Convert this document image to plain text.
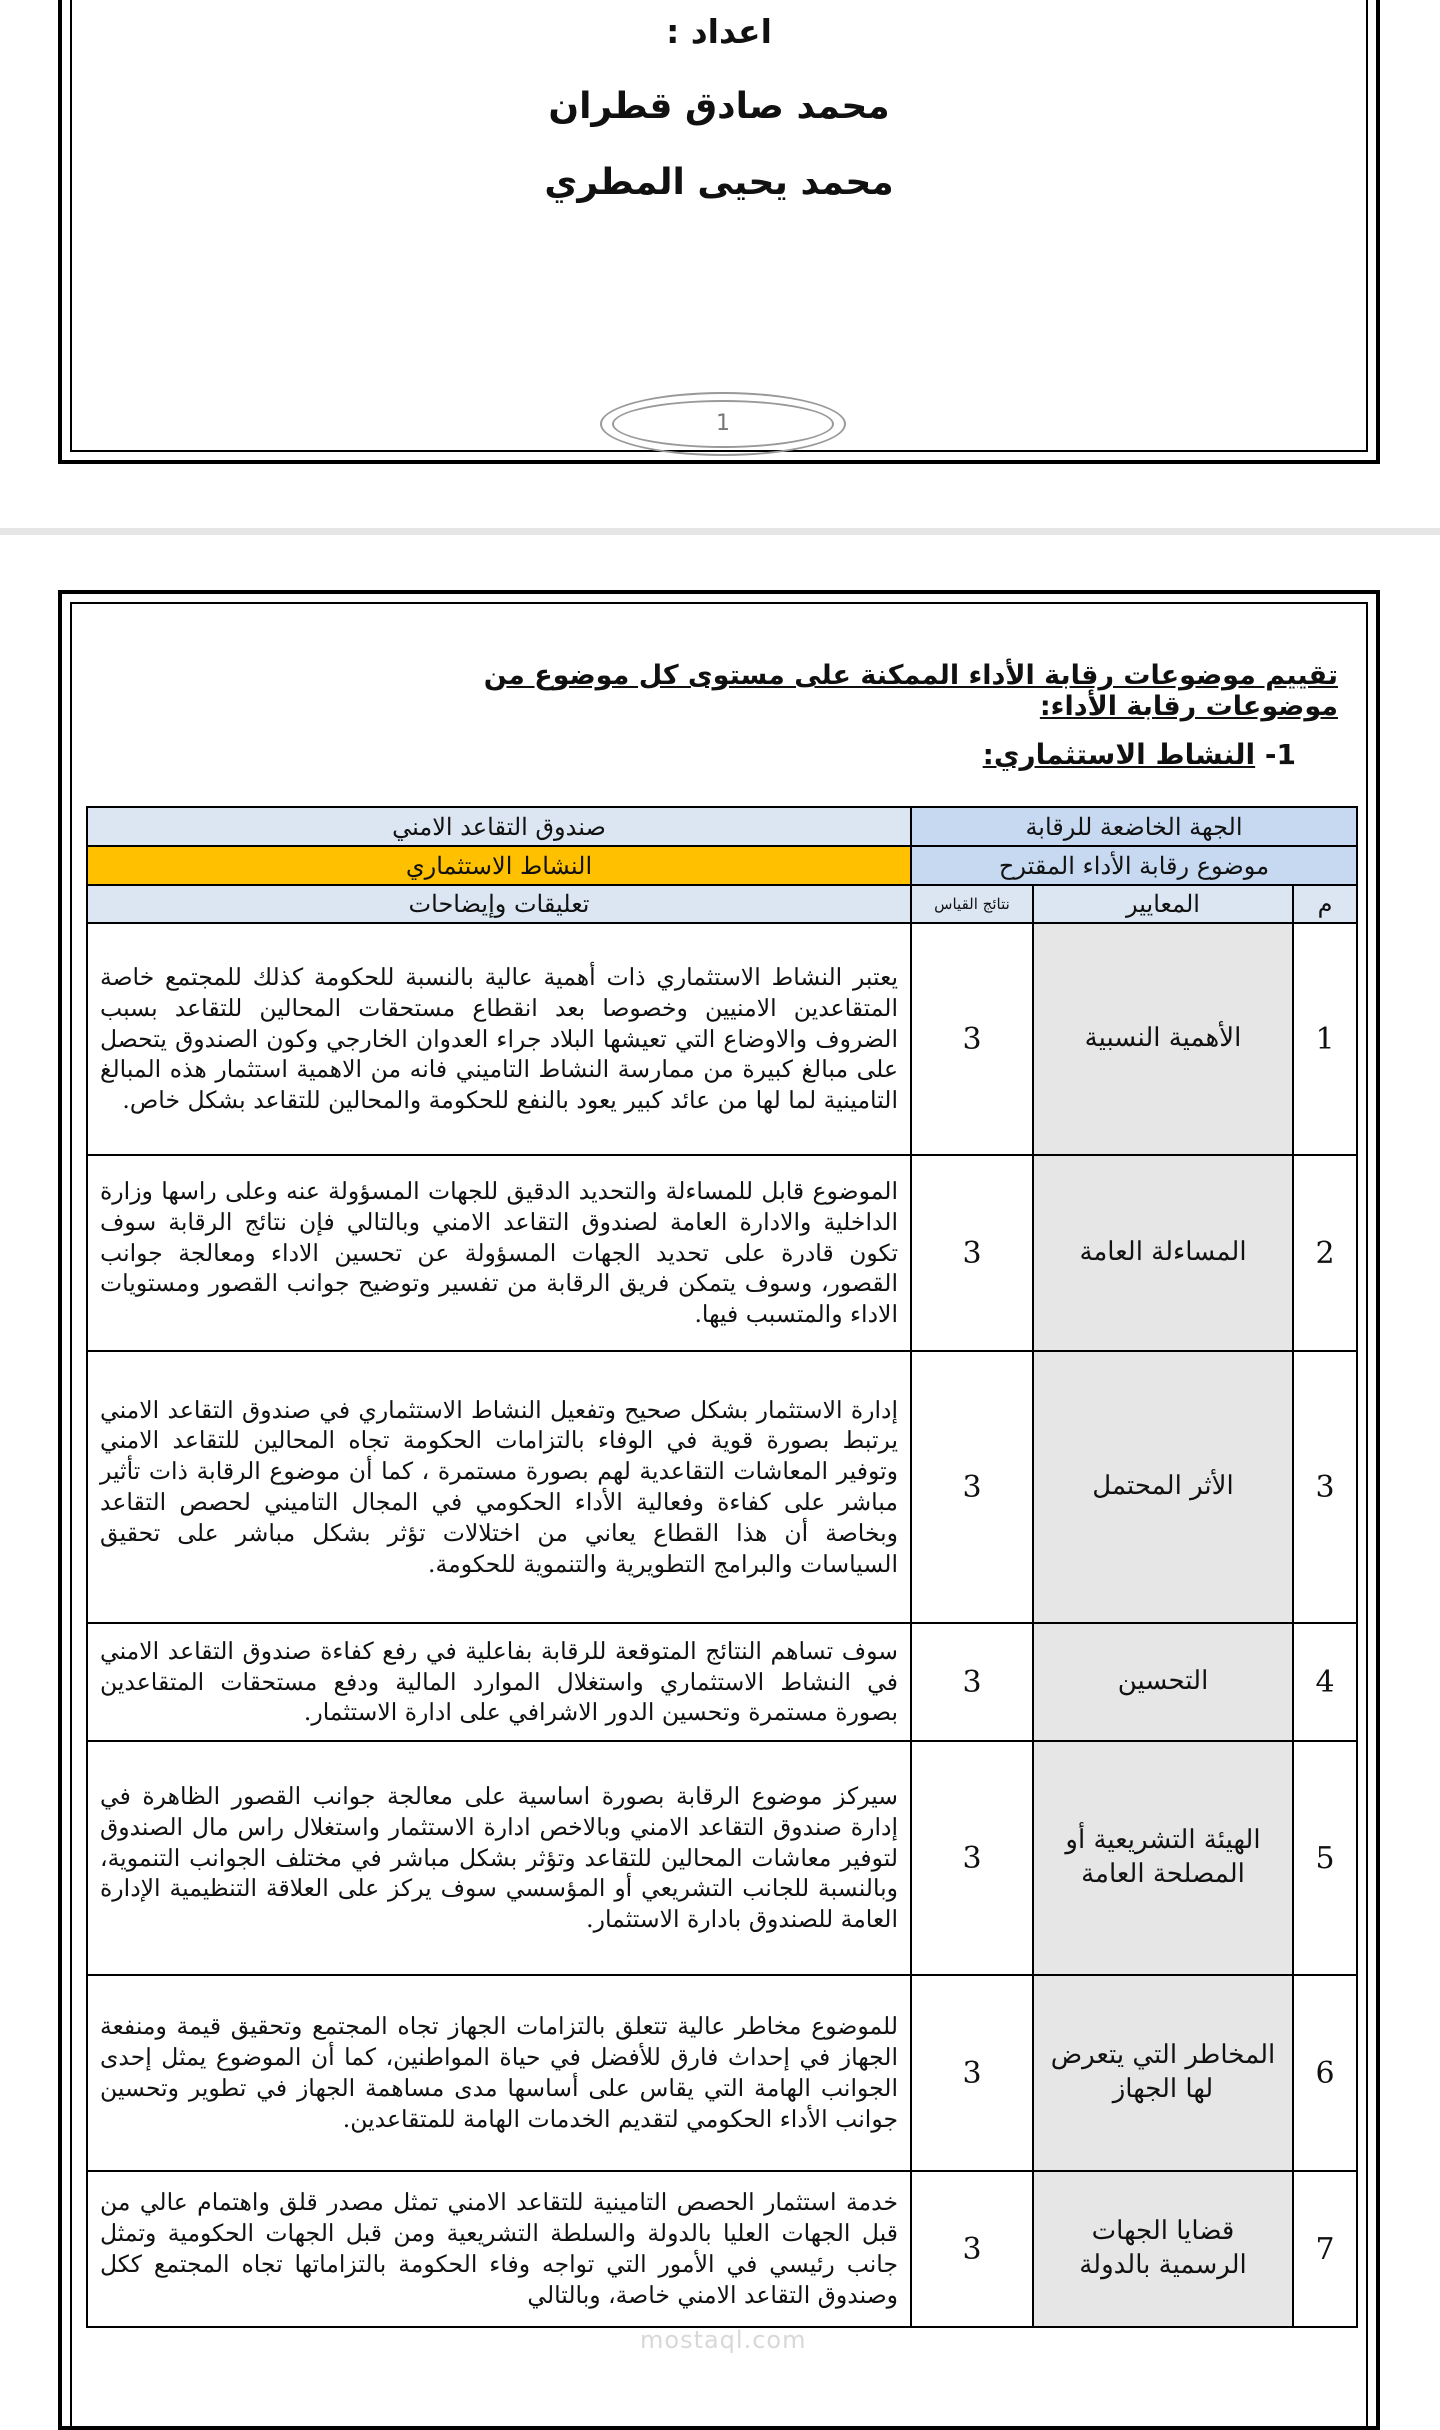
اعداد :
محمد صادق قطران
محمد يحيى المطري
1
تقييم موضوعات رقابة الأداء الممكنة على مستوى كل موضوع من موضوعات رقابة الأداء:
1- النشاط الاستثماري:
الجهة الخاضعة للرقابة			صندوق التقاعد الامني
موضوع رقابة الأداء المقترح			النشاط الاستثماري
م	المعايير	نتائج القياس	تعليقات وإيضاحات
1	الأهمية النسبية	3	يعتبر النشاط الاستثماري ذات أهمية عالية بالنسبة للحكومة كذلك للمجتمع خاصة المتقاعدين الامنيين وخصوصا بعد انقطاع مستحقات المحالين للتقاعد بسبب الضروف والاوضاع التي تعيشها البلاد جراء العدوان الخارجي وكون الصندوق يتحصل على مبالغ كبيرة من ممارسة النشاط التاميني فانه من الاهمية استثمار هذه المبالغ التامينية لما لها من عائد كبير يعود بالنفع للحكومة والمحالين للتقاعد بشكل خاص.
2	المساءلة العامة	3	الموضوع قابل للمساءلة والتحديد الدقيق للجهات المسؤولة عنه وعلى راسها وزارة الداخلية والادارة العامة لصندوق التقاعد الامني وبالتالي فإن نتائج الرقابة سوف تكون قادرة على تحديد الجهات المسؤولة عن تحسين الاداء ومعالجة جوانب القصور، وسوف يتمكن فريق الرقابة من تفسير وتوضيح جوانب القصور ومستويات الاداء والمتسبب فيها.
3	الأثر المحتمل	3	إدارة الاستثمار بشكل صحيح وتفعيل النشاط الاستثماري في صندوق التقاعد الامني يرتبط بصورة قوية في الوفاء بالتزامات الحكومة تجاه المحالين للتقاعد الامني وتوفير المعاشات التقاعدية لهم بصورة مستمرة ، كما أن موضوع الرقابة ذات تأثير مباشر على كفاءة وفعالية الأداء الحكومي في المجال التاميني لحصص التقاعد وبخاصة أن هذا القطاع يعاني من اختلالات تؤثر بشكل مباشر على تحقيق السياسات والبرامج التطويرية والتنموية للحكومة.
4	التحسين	3	سوف تساهم النتائج المتوقعة للرقابة بفاعلية في رفع كفاءة صندوق التقاعد الامني في النشاط الاستثماري واستغلال الموارد المالية ودفع مستحقات المتقاعدين بصورة مستمرة وتحسين الدور الاشرافي على ادارة الاستثمار.
5	الهيئة التشريعية أو المصلحة العامة	3	سيركز موضوع الرقابة بصورة اساسية على معالجة جوانب القصور الظاهرة في إدارة صندوق التقاعد الامني وبالاخص ادارة الاستثمار واستغلال راس مال الصندوق لتوفير معاشات المحالين للتقاعد وتؤثر بشكل مباشر في مختلف الجوانب التنموية، وبالنسبة للجانب التشريعي أو المؤسسي سوف يركز على العلاقة التنظيمية الإدارة العامة للصندوق بادارة الاستثمار.
6	المخاطر التي يتعرض لها الجهاز	3	للموضوع مخاطر عالية تتعلق بالتزامات الجهاز تجاه المجتمع وتحقيق قيمة ومنفعة الجهاز في إحداث فارق للأفضل في حياة المواطنين، كما أن الموضوع يمثل إحدى الجوانب الهامة التي يقاس على أساسها مدى مساهمة الجهاز في تطوير وتحسين جوانب الأداء الحكومي لتقديم الخدمات الهامة للمتقاعدين.
7	قضايا الجهات الرسمية بالدولة	3	خدمة استثمار الحصص التامينية للتقاعد الامني تمثل مصدر قلق واهتمام عالي من قبل الجهات العليا بالدولة والسلطة التشريعية ومن قبل الجهات الحكومية وتمثل جانب رئيسي في الأمور التي تواجه وفاء الحكومة بالتزاماتها تجاه المجتمع ككل وصندوق التقاعد الامني خاصة، وبالتالي
mostaql.com
